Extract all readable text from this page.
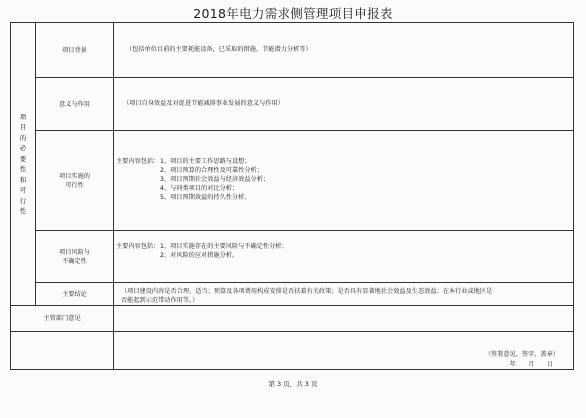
2018年电力需求侧管理项目申报表
项目的必要性和可行性
项目背景	（包括单位目前的主要耗能设备，已采取的措施，节能潜力分析等）
意义与作用	（项目自身效益及对促进节能减排事业发展的意义与作用）
项目实施的
可行性
主要内容包括： 1、项目的主要工作思路与设想；
2、项目预算的合理性及可靠性分析；
3、项目预期社会效益与经济效益分析；
4、与同类项目的对比分析；
5、项目预期效益的持久性分析。
项目风险与
不确定性
主要内容包括： 1、项目实施存在的主要风险与不确定性分析；
2、对风险的应对措施分析。
主要结论	（项目建设内容是否合理、适当；预算及各项费用构成安排是否扶着有关政策；是否具有显著地社会效益及生态效益；在本行业或地区是
否能起到示范带动作用等。）
主管部门意见
（签署意见、签字、盖章）
年　　月　　日
第 3 页，共 3 页
